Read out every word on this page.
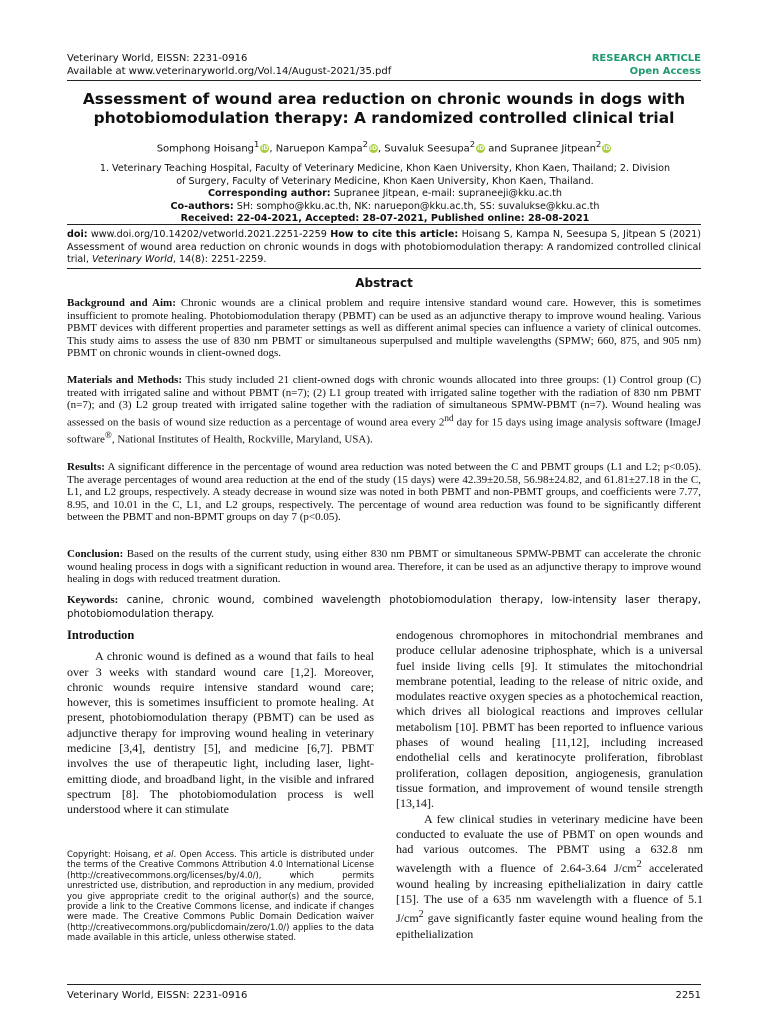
Veterinary World, EISSN: 2231-0916
Available at www.veterinaryworld.org/Vol.14/August-2021/35.pdf
RESEARCH ARTICLE
Open Access
Assessment of wound area reduction on chronic wounds in dogs with
photobiomodulation therapy: A randomized controlled clinical trial
Somphong Hoisang$^1$ iD, Naruepon Kampa$^2$ iD, Suvaluk Seesupa$^2$ iD and Supranee Jitpean$^2$ iD
1. Veterinary Teaching Hospital, Faculty of Veterinary Medicine, Khon Kaen University, Khon Kaen, Thailand; 2. Division
of Surgery, Faculty of Veterinary Medicine, Khon Kaen University, Khon Kaen, Thailand.
Corresponding author: Supranee Jitpean, e-mail: supraneeji@kku.ac.th
Co-authors: SH: sompho@kku.ac.th, NK: naruepon@kku.ac.th, SS: suvalukse@kku.ac.th
Received: 22-04-2021, Accepted: 28-07-2021, Published online: 28-08-2021
doi: www.doi.org/10.14202/vetworld.2021.2251-2259 How to cite this article: Hoisang S, Kampa N, Seesupa S, Jitpean S (2021) Assessment of wound area reduction on chronic wounds in dogs with photobiomodulation therapy: A randomized controlled clinical trial, Veterinary World, 14(8): 2251-2259.
Abstract
Background and Aim: Chronic wounds are a clinical problem and require intensive standard wound care. However, this is sometimes insufficient to promote healing. Photobiomodulation therapy (PBMT) can be used as an adjunctive therapy to improve wound healing. Various PBMT devices with different properties and parameter settings as well as different animal species can influence a variety of clinical outcomes. This study aims to assess the use of 830 nm PBMT or simultaneous superpulsed and multiple wavelengths (SPMW; 660, 875, and 905 nm) PBMT on chronic wounds in client-owned dogs.
Materials and Methods: This study included 21 client-owned dogs with chronic wounds allocated into three groups: (1) Control group (C) treated with irrigated saline and without PBMT (n=7); (2) L1 group treated with irrigated saline together with the radiation of 830 nm PBMT (n=7); and (3) L2 group treated with irrigated saline together with the radiation of simultaneous SPMW-PBMT (n=7). Wound healing was assessed on the basis of wound size reduction as a percentage of wound area every 2nd day for 15 days using image analysis software (ImageJ software®, National Institutes of Health, Rockville, Maryland, USA).
Results: A significant difference in the percentage of wound area reduction was noted between the C and PBMT groups (L1 and L2; p<0.05). The average percentages of wound area reduction at the end of the study (15 days) were 42.39±20.58, 56.98±24.82, and 61.81±27.18 in the C, L1, and L2 groups, respectively. A steady decrease in wound size was noted in both PBMT and non-PBMT groups, and coefficients were 7.77, 8.95, and 10.01 in the C, L1, and L2 groups, respectively. The percentage of wound area reduction was found to be significantly different between the PBMT and non-BPMT groups on day 7 (p<0.05).
Conclusion: Based on the results of the current study, using either 830 nm PBMT or simultaneous SPMW-PBMT can accelerate the chronic wound healing process in dogs with a significant reduction in wound area. Therefore, it can be used as an adjunctive therapy to improve wound healing in dogs with reduced treatment duration.
Keywords: canine, chronic wound, combined wavelength photobiomodulation therapy, low-intensity laser therapy, photobiomodulation therapy.
Introduction

A chronic wound is defined as a wound that fails to heal over 3 weeks with standard wound care [1,2]. Moreover, chronic wounds require intensive standard wound care; however, this is sometimes insufficient to promote healing. At present, photobiomodulation therapy (PBMT) can be used as adjunctive therapy for improving wound healing in veterinary medicine [3,4], dentistry [5], and medicine [6,7]. PBMT involves the use of therapeutic light, including laser, light-emitting diode, and broadband light, in the visible and infrared spectrum [8]. The photobiomodulation process is well understood where it can stimulate

Copyright: Hoisang, et al. Open Access. This article is distributed under the terms of the Creative Commons Attribution 4.0 International License (http://creativecommons.org/licenses/by/4.0/), which permits unrestricted use, distribution, and reproduction in any medium, provided you give appropriate credit to the original author(s) and the source, provide a link to the Creative Commons license, and indicate if changes were made. The Creative Commons Public Domain Dedication waiver (http://creativecommons.org/publicdomain/zero/1.0/) applies to the data made available in this article, unless otherwise stated.

endogenous chromophores in mitochondrial membranes and produce cellular adenosine triphosphate, which is a universal fuel inside living cells [9]. It stimulates the mitochondrial membrane potential, leading to the release of nitric oxide, and modulates reactive oxygen species as a photochemical reaction, which drives all biological reactions and improves cellular metabolism [10]. PBMT has been reported to influence various phases of wound healing [11,12], including increased endothelial cells and keratinocyte proliferation, fibroblast proliferation, collagen deposition, angiogenesis, granulation tissue formation, and improvement of wound tensile strength [13,14].

A few clinical studies in veterinary medicine have been conducted to evaluate the use of PBMT on open wounds and had various outcomes. The PBMT using a 632.8 nm wavelength with a fluence of 2.64-3.64 $J/cm^2$ accelerated wound healing by increasing epithelialization in dairy cattle [15]. The use of a 635 nm wavelength with a fluence of 5.1 $J/cm^2$ gave significantly faster equine wound healing from the epithelialization

Veterinary World, EISSN: 2231-0916	2251
